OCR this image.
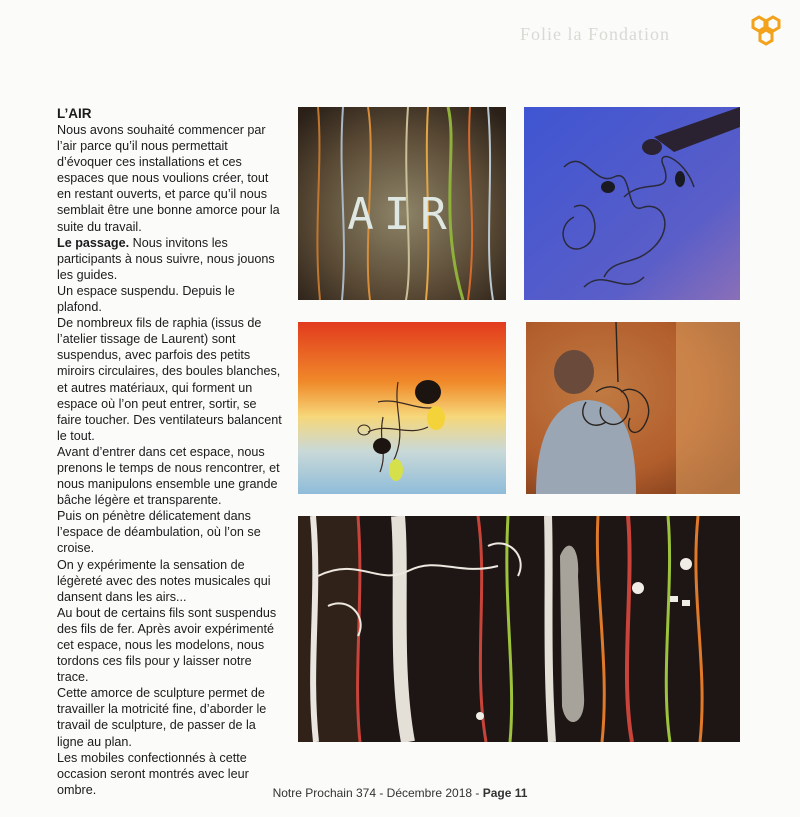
Folie la Fondation
L’AIR

Nous avons souhaité commencer par l’air parce qu’il nous permettait d’évoquer ces installations et ces espaces que nous voulions créer, tout en restant ouverts, et parce qu’il nous semblait être une bonne amorce pour la suite du travail.

Le passage. Nous invitons les participants à nous suivre, nous jouons les guides.

Un espace suspendu. Depuis le plafond.

De nombreux fils de raphia (issus de l’atelier tissage de Laurent) sont suspendus, avec parfois des petits miroirs circulaires, des boules blanches, et autres matériaux, qui forment un espace où l’on peut entrer, sortir, se faire toucher. Des ventilateurs balancent le tout.

Avant d’entrer dans cet espace, nous prenons le temps de nous rencontrer, et nous manipulons ensemble une grande bâche légère et transparente.

Puis on pénètre délicatement dans l’espace de déambulation, où l’on se croise.

On y expérimente la sensation de légèreté avec des notes musicales qui dansent dans les airs...

Au bout de certains fils sont suspendus des fils de fer. Après avoir expérimenté cet espace, nous les modelons, nous tordons ces fils pour y laisser notre trace.

Cette amorce de sculpture permet de travailler la motricité fine, d’aborder le travail de sculpture, de passer de la ligne au plan.

Les mobiles confectionnés à cette occasion seront montrés avec leur ombre.

AIR
Notre Prochain 374 - Décembre 2018 - Page 11
